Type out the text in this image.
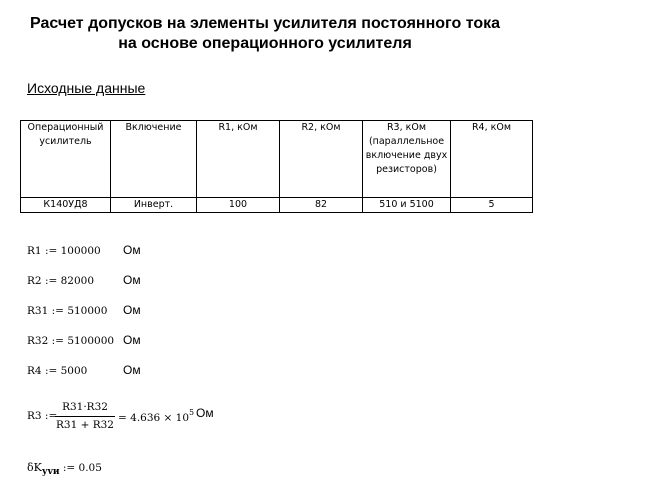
Расчет допусков на элементы усилителя постоянного тока на основе операционного усилителя

Исходные данные

Операционный усилитель	Включение	R1, кОм	R2, кОм	R3, кОм (параллельное включение двух резисторов)	R4, кОм
К140УД8	Инверт.	100	82	510 и 5100	5
R1 := 100000 Ом
R2 := 82000 Ом
R31 := 510000 Ом
R32 := 5100000 Ом
R4 := 5000	Ом
R3 :=
R31·R32
R31 + R32
= $4.636 \times 10^5$ Ом
δKуvи := 0.05
